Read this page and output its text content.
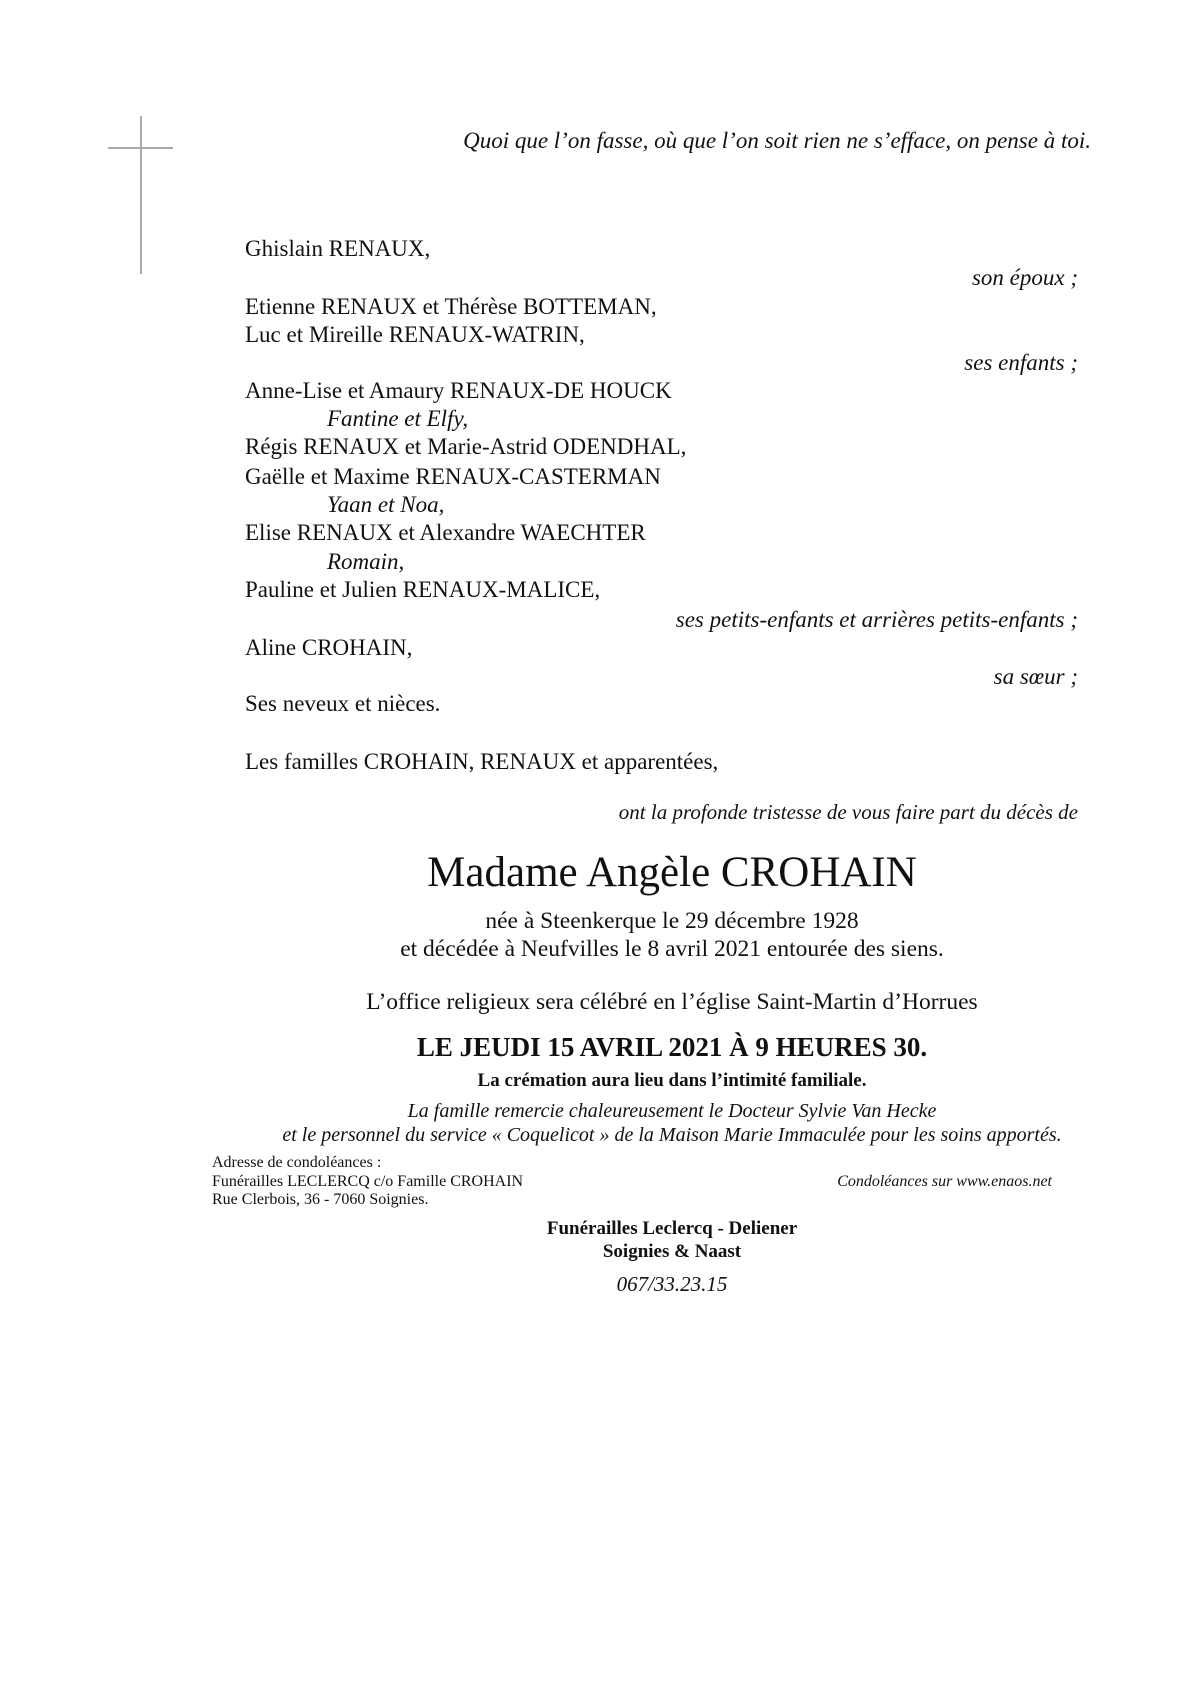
Quoi que l’on fasse, où que l’on soit rien ne s’efface, on pense à toi.

Ghislain RENAUX,

son époux ;

Etienne RENAUX et Thérèse BOTTEMAN,

Luc et Mireille RENAUX-WATRIN,

ses enfants ;

Anne-Lise et Amaury RENAUX-DE HOUCK

Fantine et Elfy,

Régis RENAUX et Marie-Astrid ODENDHAL,

Gaëlle et Maxime RENAUX-CASTERMAN

Yaan et Noa,

Elise RENAUX et Alexandre WAECHTER

Romain,

Pauline et Julien RENAUX-MALICE,

ses petits-enfants et arrières petits-enfants ;

Aline CROHAIN,

sa sœur ;

Ses neveux et nièces.

Les familles CROHAIN, RENAUX et apparentées,

ont la profonde tristesse de vous faire part du décès de

Madame Angèle CROHAIN

née à Steenkerque le 29 décembre 1928

et décédée à Neufvilles le 8 avril 2021 entourée des siens.

L’office religieux sera célébré en l’église Saint-Martin d’Horrues

LE JEUDI 15 AVRIL 2021 À 9 HEURES 30.

La crémation aura lieu dans l’intimité familiale.

La famille remercie chaleureusement le Docteur Sylvie Van Hecke

et le personnel du service « Coquelicot » de la Maison Marie Immaculée pour les soins apportés.

Adresse de condoléances :

Funérailles LECLERCQ c/o Famille CROHAIN

Rue Clerbois, 36 - 7060 Soignies.

Condoléances sur www.enaos.net

Funérailles Leclercq - Deliener

Soignies & Naast

067/33.23.15
